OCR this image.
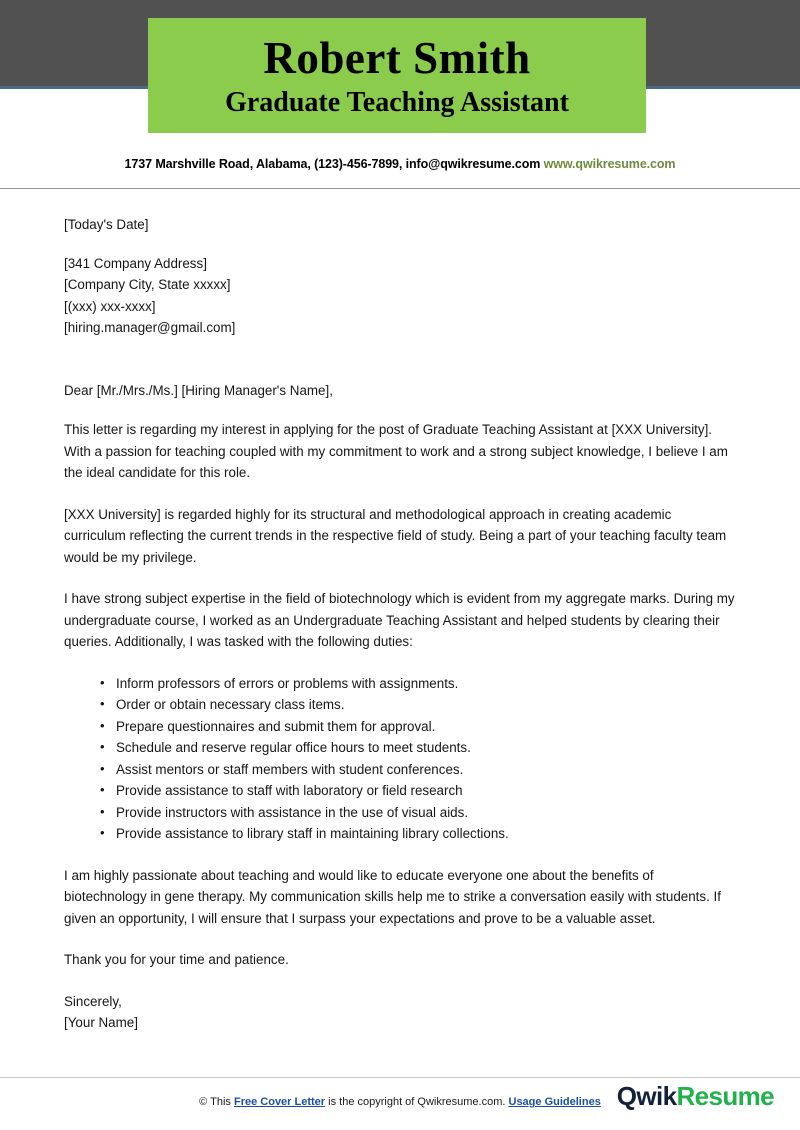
Robert Smith
Graduate Teaching Assistant
1737 Marshville Road, Alabama, (123)-456-7899, info@qwikresume.com www.qwikresume.com

[Today's Date]

[341 Company Address]

[Company City, State xxxxx]

[(xxx) xxx-xxxx]

[hiring.manager@gmail.com]

Dear [Mr./Mrs./Ms.] [Hiring Manager's Name],

This letter is regarding my interest in applying for the post of Graduate Teaching Assistant at [XXX University]. With a passion for teaching coupled with my commitment to work and a strong subject knowledge, I believe I am the ideal candidate for this role.

[XXX University] is regarded highly for its structural and methodological approach in creating academic curriculum reflecting the current trends in the respective field of study. Being a part of your teaching faculty team would be my privilege.

I have strong subject expertise in the field of biotechnology which is evident from my aggregate marks. During my undergraduate course, I worked as an Undergraduate Teaching Assistant and helped students by clearing their queries. Additionally, I was tasked with the following duties:

• Inform professors of errors or problems with assignments.
• Order or obtain necessary class items.
• Prepare questionnaires and submit them for approval.
• Schedule and reserve regular office hours to meet students.
• Assist mentors or staff members with student conferences.
• Provide assistance to staff with laboratory or field research
• Provide instructors with assistance in the use of visual aids.
• Provide assistance to library staff in maintaining library collections.

I am highly passionate about teaching and would like to educate everyone one about the benefits of biotechnology in gene therapy. My communication skills help me to strike a conversation easily with students. If given an opportunity, I will ensure that I surpass your expectations and prove to be a valuable asset.

Thank you for your time and patience.

Sincerely,

[Your Name]

© This Free Cover Letter is the copyright of Qwikresume.com. Usage Guidelines QwikResume
